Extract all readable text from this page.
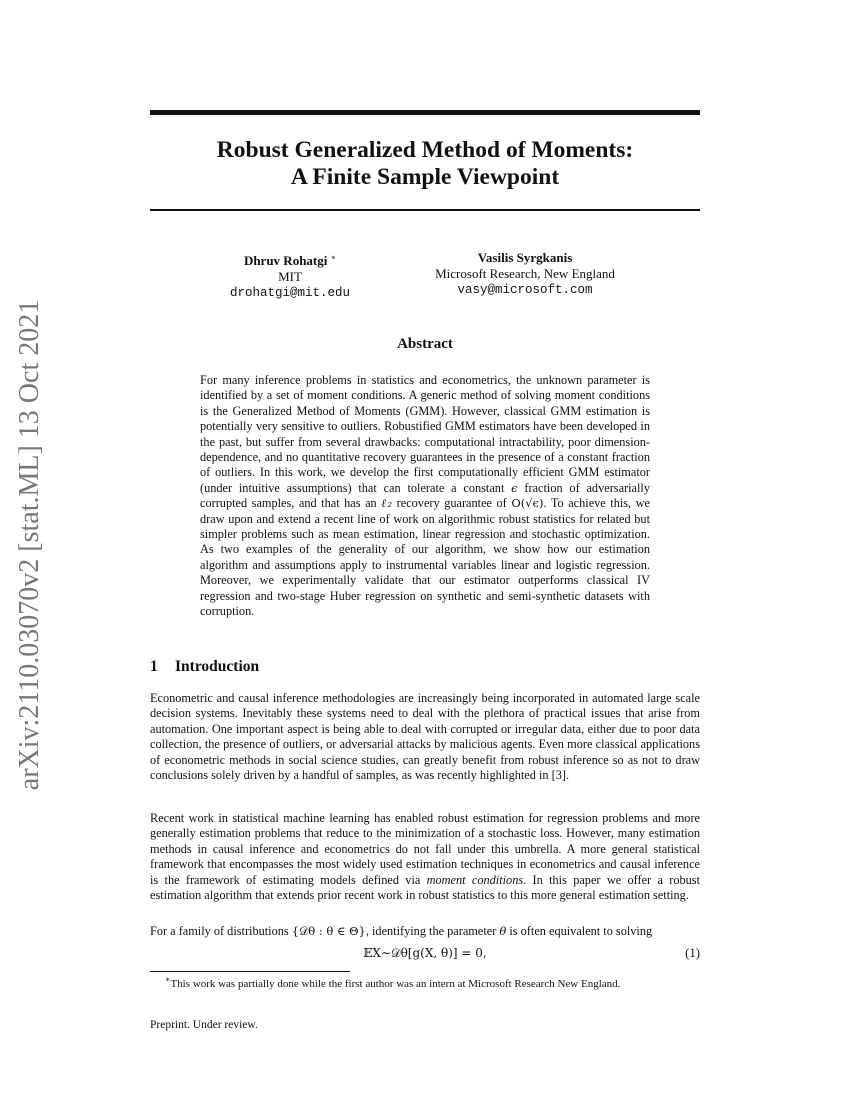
arXiv:2110.03070v2 [stat.ML] 13 Oct 2021
Robust Generalized Method of Moments:
A Finite Sample Viewpoint
Dhruv Rohatgi ∗
MIT
drohatgi@mit.edu
Vasilis Syrgkanis
Microsoft Research, New England
vasy@microsoft.com
Abstract
For many inference problems in statistics and econometrics, the unknown parameter is identified by a set of moment conditions. A generic method of solving moment conditions is the Generalized Method of Moments (GMM). However, classical GMM estimation is potentially very sensitive to outliers. Robustified GMM estimators have been developed in the past, but suffer from several drawbacks: computational intractability, poor dimension-dependence, and no quantitative recovery guarantees in the presence of a constant fraction of outliers. In this work, we develop the first computationally efficient GMM estimator (under intuitive assumptions) that can tolerate a constant ϵ fraction of adversarially corrupted samples, and that has an ℓ₂ recovery guarantee of O(√ϵ). To achieve this, we draw upon and extend a recent line of work on algorithmic robust statistics for related but simpler problems such as mean estimation, linear regression and stochastic optimization. As two examples of the generality of our algorithm, we show how our estimation algorithm and assumptions apply to instrumental variables linear and logistic regression. Moreover, we experimentally validate that our estimator outperforms classical IV regression and two-stage Huber regression on synthetic and semi-synthetic datasets with corruption.
1 Introduction
Econometric and causal inference methodologies are increasingly being incorporated in automated large scale decision systems. Inevitably these systems need to deal with the plethora of practical issues that arise from automation. One important aspect is being able to deal with corrupted or irregular data, either due to poor data collection, the presence of outliers, or adversarial attacks by malicious agents. Even more classical applications of econometric methods in social science studies, can greatly benefit from robust inference so as not to draw conclusions solely driven by a handful of samples, as was recently highlighted in [3].
Recent work in statistical machine learning has enabled robust estimation for regression problems and more generally estimation problems that reduce to the minimization of a stochastic loss. However, many estimation methods in causal inference and econometrics do not fall under this umbrella. A more general statistical framework that encompasses the most widely used estimation techniques in econometrics and causal inference is the framework of estimating models defined via moment conditions. In this paper we offer a robust estimation algorithm that extends prior recent work in robust statistics to this more general estimation setting.
For a family of distributions {𝒟θ : θ ∈ Θ}, identifying the parameter θ is often equivalent to solving
𝔼X∼𝒟θ[g(X, θ)] = 0,	(1)
∗This work was partially done while the first author was an intern at Microsoft Research New England.
Preprint. Under review.
